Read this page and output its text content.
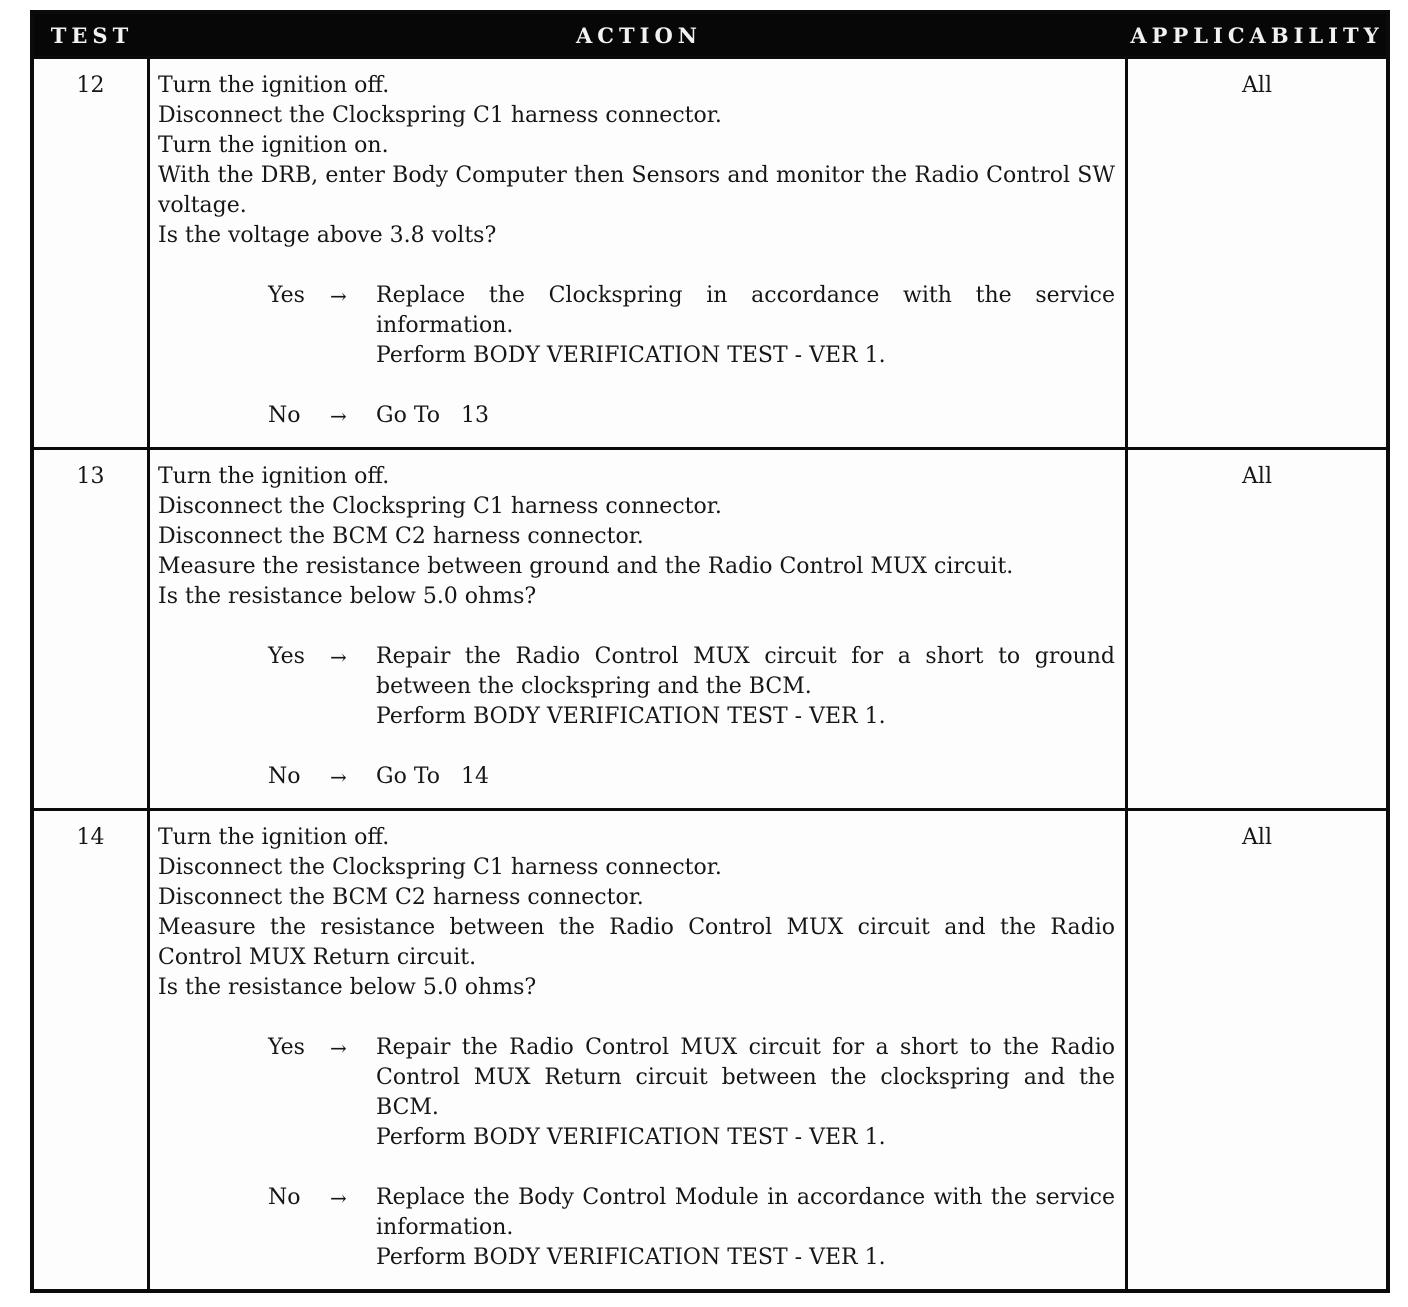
TEST	ACTION	APPLICABILITY
12	Turn the ignition off.
Disconnect the Clockspring C1 harness connector.
Turn the ignition on.
With the DRB, enter Body Computer then Sensors and monitor the Radio Control SW voltage.
Is the voltage above 3.8 volts?
Yes	→	Replace the Clockspring in accordance with the service information.
Perform BODY VERIFICATION TEST - VER 1.
No	→	Go To   13
All
13	Turn the ignition off.
Disconnect the Clockspring C1 harness connector.
Disconnect the BCM C2 harness connector.
Measure the resistance between ground and the Radio Control MUX circuit.
Is the resistance below 5.0 ohms?
Yes	→	Repair the Radio Control MUX circuit for a short to ground between the clockspring and the BCM.
Perform BODY VERIFICATION TEST - VER 1.
No	→	Go To   14
All
14	Turn the ignition off.
Disconnect the Clockspring C1 harness connector.
Disconnect the BCM C2 harness connector.
Measure the resistance between the Radio Control MUX circuit and the Radio Control MUX Return circuit.
Is the resistance below 5.0 ohms?
Yes	→	Repair the Radio Control MUX circuit for a short to the Radio Control MUX Return circuit between the clockspring and the BCM.
Perform BODY VERIFICATION TEST - VER 1.
No	→	Replace the Body Control Module in accordance with the service information.
Perform BODY VERIFICATION TEST - VER 1.
All
